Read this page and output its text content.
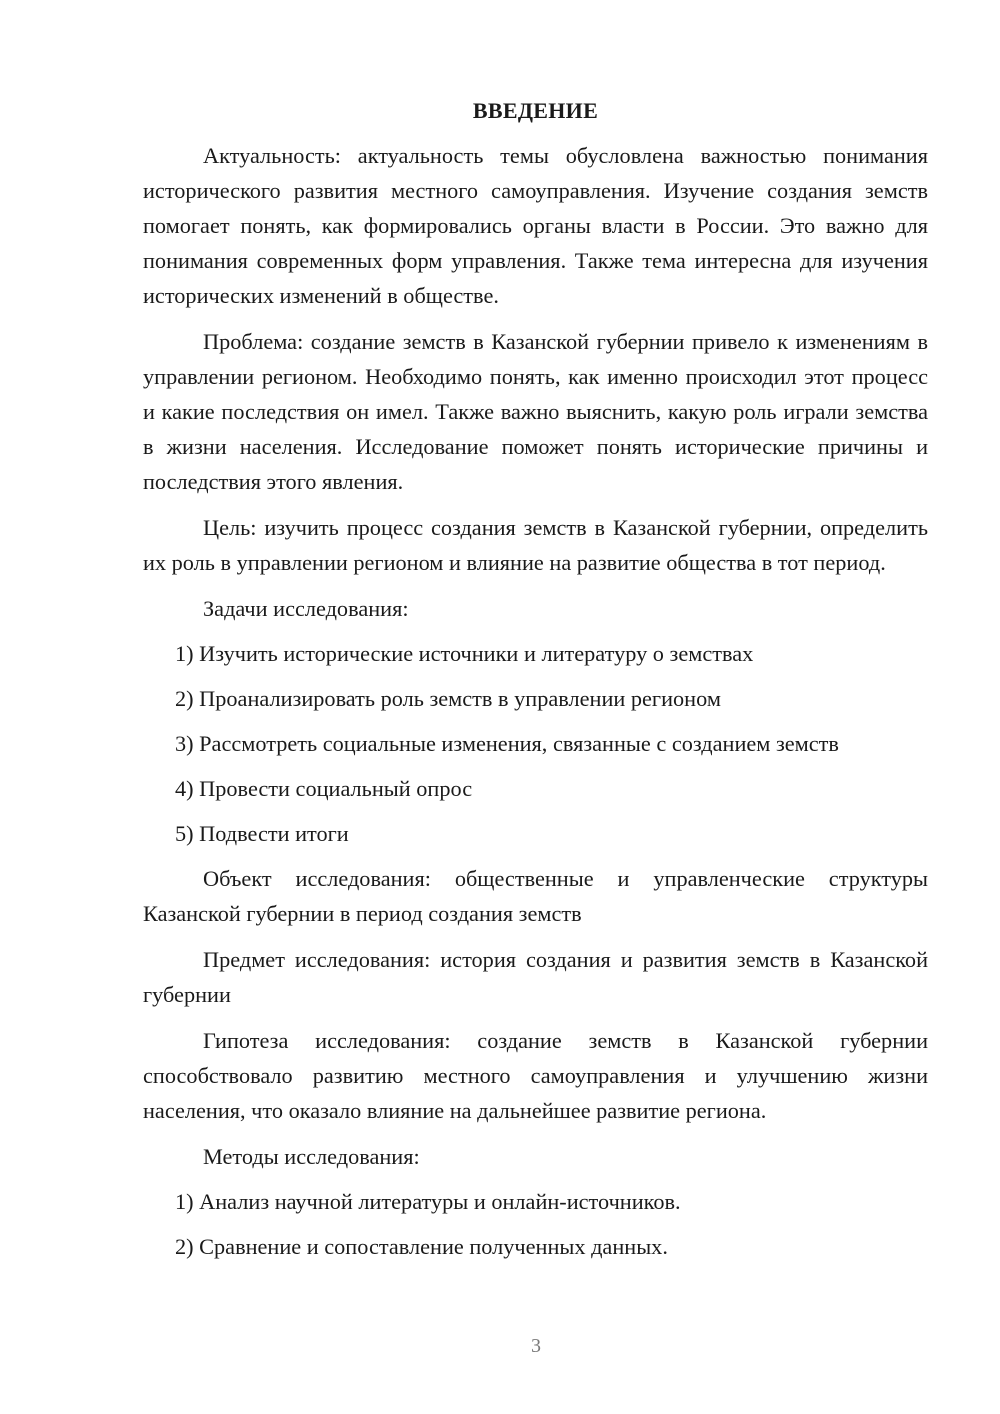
ВВЕДЕНИЕ

Актуальность: актуальность темы обусловлена важностью понимания исторического развития местного самоуправления. Изучение создания земств помогает понять, как формировались органы власти в России. Это важно для понимания современных форм управления. Также тема интересна для изучения исторических изменений в обществе.

Проблема: создание земств в Казанской губернии привело к изменениям в управлении регионом. Необходимо понять, как именно происходил этот процесс и какие последствия он имел. Также важно выяснить, какую роль играли земства в жизни населения. Исследование поможет понять исторические причины и последствия этого явления.

Цель: изучить процесс создания земств в Казанской губернии, определить их роль в управлении регионом и влияние на развитие общества в тот период.

Задачи исследования:

1) Изучить исторические источники и литературу о земствах
2) Проанализировать роль земств в управлении регионом
3) Рассмотреть социальные изменения, связанные с созданием земств
4) Провести социальный опрос
5) Подвести итоги

Объект исследования: общественные и управленческие структуры Казанской губернии в период создания земств

Предмет исследования: история создания и развития земств в Казанской губернии

Гипотеза исследования: создание земств в Казанской губернии способствовало развитию местного самоуправления и улучшению жизни населения, что оказало влияние на дальнейшее развитие региона.

Методы исследования:

1) Анализ научной литературы и онлайн-источников.
2) Сравнение и сопоставление полученных данных.
3
